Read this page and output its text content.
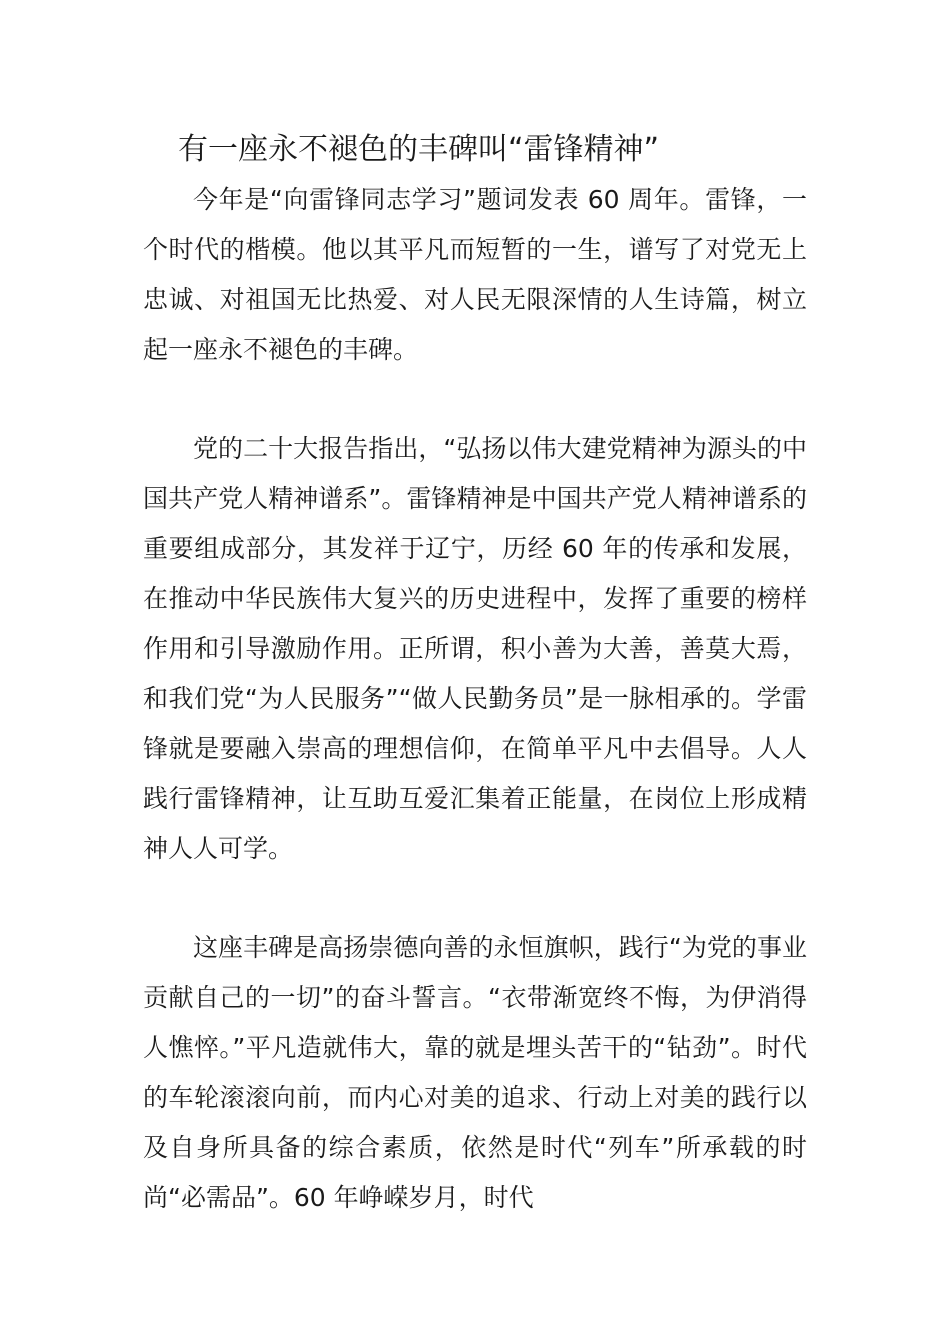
有一座永不褪色的丰碑叫“雷锋精神”

今年是“向雷锋同志学习”题词发表 60 周年。雷锋，一个时代的楷模。他以其平凡而短暂的一生，谱写了对党无上忠诚、对祖国无比热爱、对人民无限深情的人生诗篇，树立起一座永不褪色的丰碑。

党的二十大报告指出，“弘扬以伟大建党精神为源头的中国共产党人精神谱系”。雷锋精神是中国共产党人精神谱系的重要组成部分，其发祥于辽宁，历经 60 年的传承和发展，在推动中华民族伟大复兴的历史进程中，发挥了重要的榜样作用和引导激励作用。正所谓，积小善为大善，善莫大焉，和我们党“为人民服务”“做人民勤务员”是一脉相承的。学雷锋就是要融入崇高的理想信仰，在简单平凡中去倡导。人人践行雷锋精神，让互助互爱汇集着正能量，在岗位上形成精神人人可学。

这座丰碑是高扬崇德向善的永恒旗帜，践行“为党的事业贡献自己的一切”的奋斗誓言。“衣带渐宽终不悔，为伊消得人憔悴。”平凡造就伟大，靠的就是埋头苦干的“钻劲”。时代的车轮滚滚向前，而内心对美的追求、行动上对美的践行以及自身所具备的综合素质，依然是时代“列车”所承载的时尚“必需品”。60 年峥嵘岁月，时代
